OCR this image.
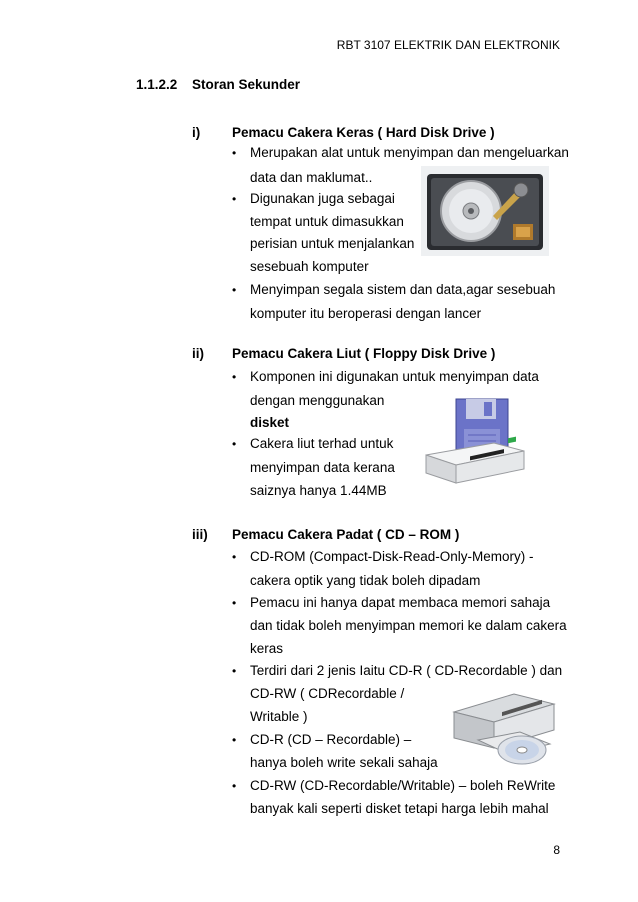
RBT 3107 ELEKTRIK DAN ELEKTRONIK
1.1.2.2 Storan Sekunder
i) Pemacu Cakera Keras ( Hard Disk Drive )
• Merupakan alat untuk menyimpan dan mengeluarkan
data dan maklumat..
• Digunakan juga sebagai
tempat untuk dimasukkan
perisian untuk menjalankan
sesebuah komputer
• Menyimpan segala sistem dan data,agar sesebuah
komputer itu beroperasi dengan lancer
ii) Pemacu Cakera Liut ( Floppy Disk Drive )
• Komponen ini digunakan untuk menyimpan data
dengan menggunakan
disket
• Cakera liut terhad untuk
menyimpan data kerana
saiznya hanya 1.44MB
iii) Pemacu Cakera Padat ( CD – ROM )
• CD-ROM (Compact-Disk-Read-Only-Memory) -
cakera optik yang tidak boleh dipadam
• Pemacu ini hanya dapat membaca memori sahaja
dan tidak boleh menyimpan memori ke dalam cakera
keras
• Terdiri dari 2 jenis Iaitu CD-R ( CD-Recordable ) dan
CD-RW ( CDRecordable /
Writable )
• CD-R (CD – Recordable) –
hanya boleh write sekali sahaja
• CD-RW (CD-Recordable/Writable) – boleh ReWrite
banyak kali seperti disket tetapi harga lebih mahal
8
